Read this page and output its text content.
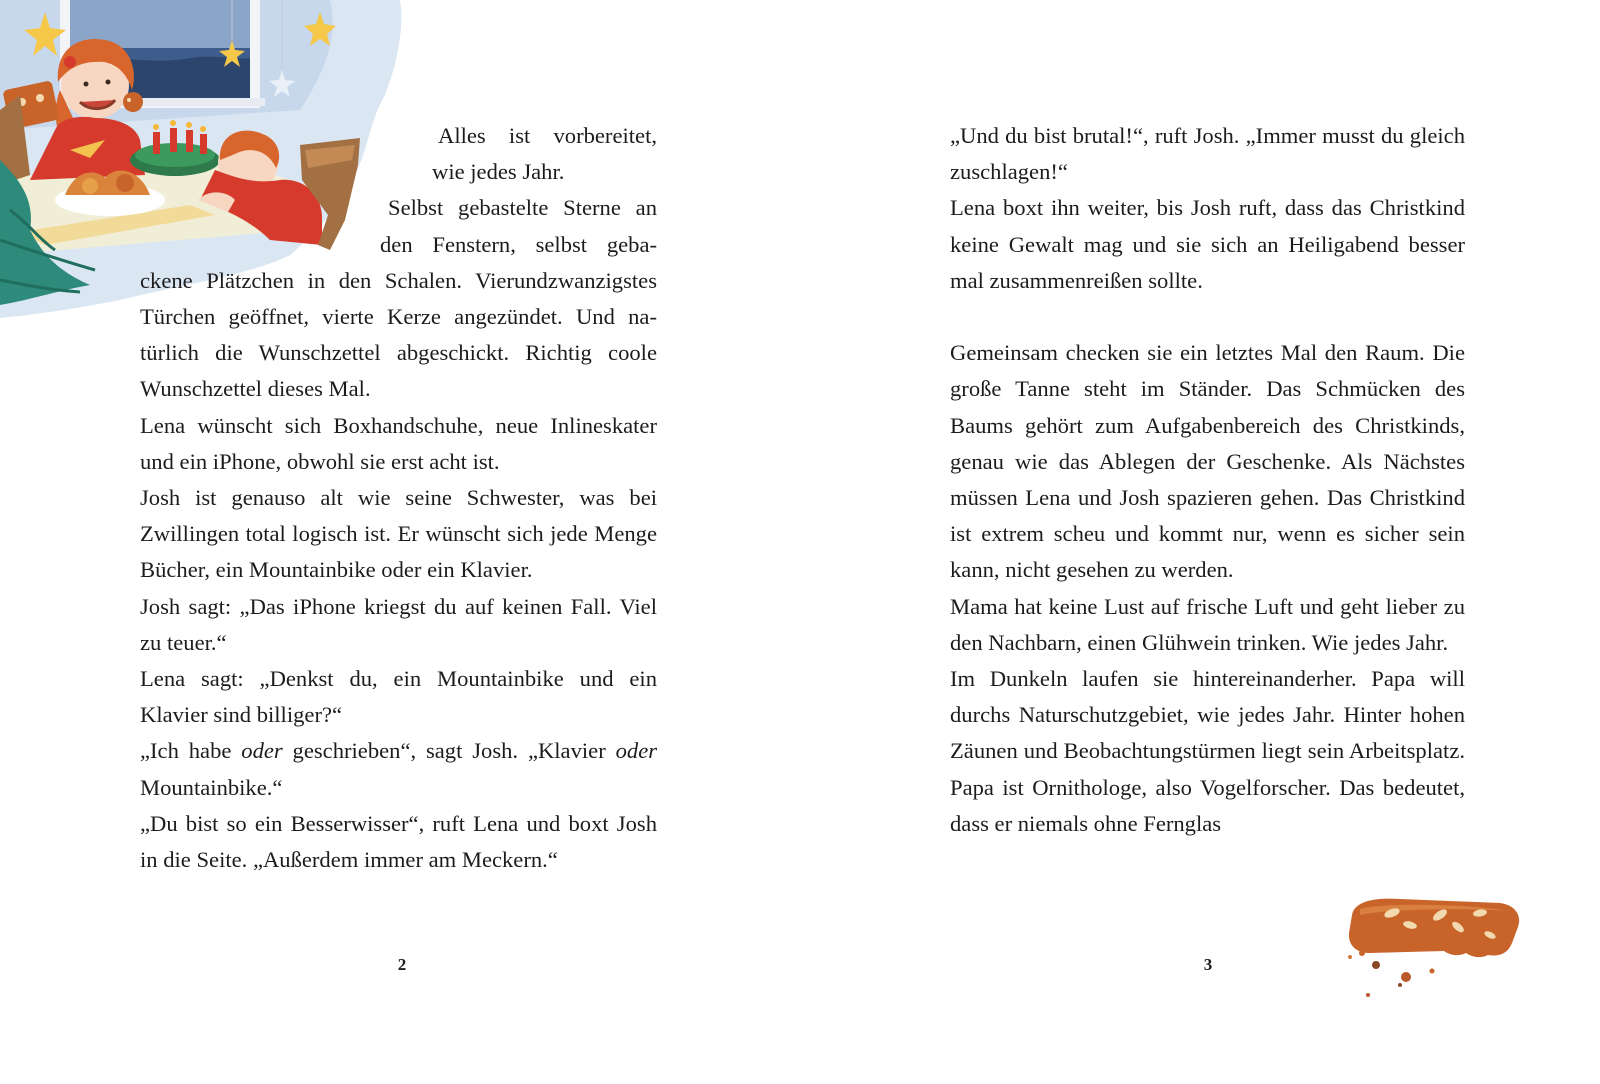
Alles ist vorbereitet,

wie jedes Jahr.

Selbst gebastelte Sterne an

den Fenstern, selbst geba-

ckene Plätzchen in den Schalen. Vierundzwanzigstes Türchen geöffnet, vierte Kerze angezündet. Und natürlich die Wunschzettel abgeschickt. Richtig coole Wunschzettel dieses Mal.

Lena wünscht sich Boxhandschuhe, neue Inlineskater und ein iPhone, obwohl sie erst acht ist.

Josh ist genauso alt wie seine Schwester, was bei Zwillingen total logisch ist. Er wünscht sich jede Menge Bücher, ein Mountainbike oder ein Klavier.

Josh sagt: „Das iPhone kriegst du auf keinen Fall. Viel zu teuer.“

Lena sagt: „Denkst du, ein Mountainbike und ein Klavier sind billiger?“

„Ich habe oder geschrieben“, sagt Josh. „Klavier oder Mountainbike.“

„Du bist so ein Besserwisser“, ruft Lena und boxt Josh in die Seite. „Außerdem immer am Meckern.“

2

„Und du bist brutal!“, ruft Josh. „Immer musst du gleich zuschlagen!“

Lena boxt ihn weiter, bis Josh ruft, dass das Christkind keine Gewalt mag und sie sich an Heiligabend besser mal zusammenreißen sollte.

Gemeinsam checken sie ein letztes Mal den Raum. Die große Tanne steht im Ständer. Das Schmücken des Baums gehört zum Aufgabenbereich des Christkinds, genau wie das Ablegen der Geschenke. Als Nächstes müssen Lena und Josh spazieren gehen. Das Christkind ist extrem scheu und kommt nur, wenn es sicher sein kann, nicht gesehen zu werden.

Mama hat keine Lust auf frische Luft und geht lieber zu den Nachbarn, einen Glühwein trinken. Wie jedes Jahr.

Im Dunkeln laufen sie hintereinanderher. Papa will durchs Naturschutzgebiet, wie jedes Jahr. Hinter hohen Zäunen und Beobachtungstürmen liegt sein Arbeitsplatz. Papa ist Ornithologe, also Vogelforscher. Das bedeutet, dass er niemals ohne Fernglas

3
